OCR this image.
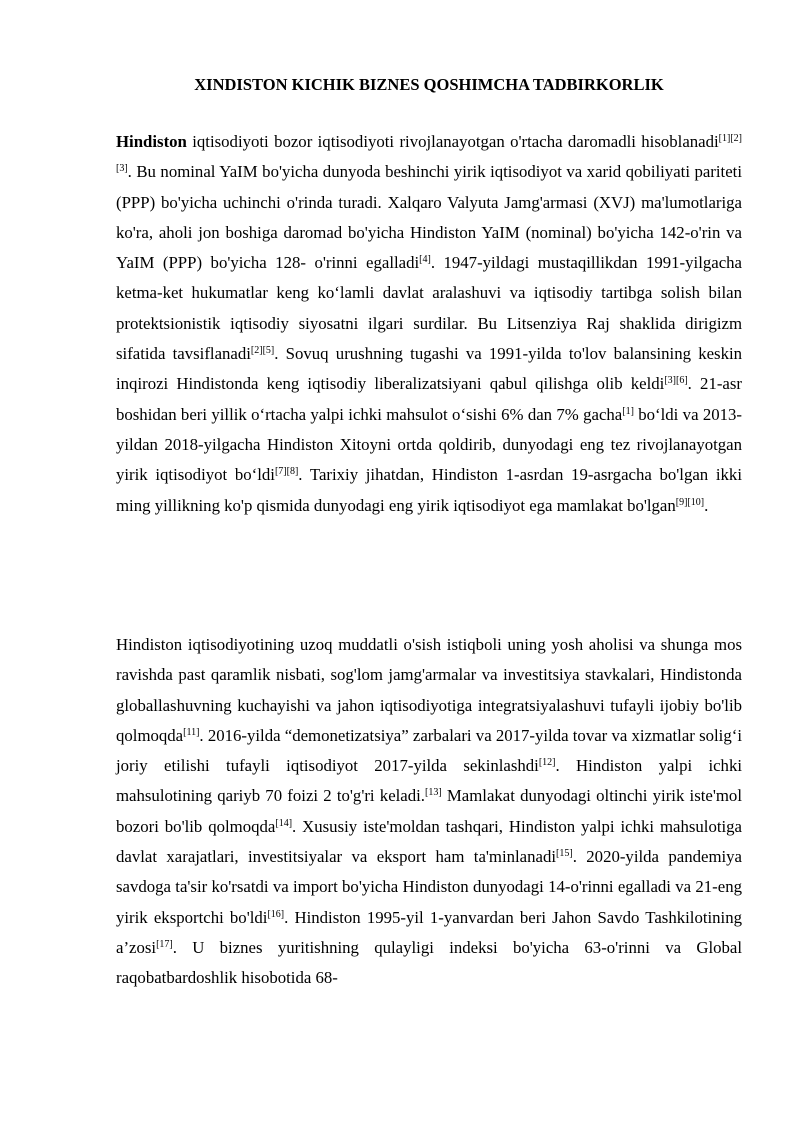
XINDISTON KICHIK BIZNES QOSHIMCHA TADBIRKORLIK

Hindiston iqtisodiyoti bozor iqtisodiyoti rivojlanayotgan o'rtacha daromadli hisoblanadi[1][2][3]. Bu nominal YaIM bo'yicha dunyoda beshinchi yirik iqtisodiyot va xarid qobiliyati pariteti (PPP) bo'yicha uchinchi o'rinda turadi. Xalqaro Valyuta Jamg'armasi (XVJ) ma'lumotlariga ko'ra, aholi jon boshiga daromad bo'yicha Hindiston YaIM (nominal) bo'yicha 142-o'rin va YaIM (PPP) bo'yicha 128- o'rinni egalladi[4]. 1947-yildagi mustaqillikdan 1991-yilgacha ketma-ket hukumatlar keng ko‘lamli davlat aralashuvi va iqtisodiy tartibga solish bilan protektsionistik iqtisodiy siyosatni ilgari surdilar. Bu Litsenziya Raj shaklida dirigizm sifatida tavsiflanadi[2][5]. Sovuq urushning tugashi va 1991-yilda to'lov balansining keskin inqirozi Hindistonda keng iqtisodiy liberalizatsiyani qabul qilishga olib keldi[3][6]. 21-asr boshidan beri yillik o‘rtacha yalpi ichki mahsulot o‘sishi 6% dan 7% gacha[1] bo‘ldi va 2013-yildan 2018-yilgacha Hindiston Xitoyni ortda qoldirib, dunyodagi eng tez rivojlanayotgan yirik iqtisodiyot bo‘ldi[7][8]. Tarixiy jihatdan, Hindiston 1-asrdan 19-asrgacha bo'lgan ikki ming yillikning ko'p qismida dunyodagi eng yirik iqtisodiyot ega mamlakat bo'lgan[9][10].

Hindiston iqtisodiyotining uzoq muddatli o'sish istiqboli uning yosh aholisi va shunga mos ravishda past qaramlik nisbati, sog'lom jamg'armalar va investitsiya stavkalari, Hindistonda globallashuvning kuchayishi va jahon iqtisodiyotiga integratsiyalashuvi tufayli ijobiy bo'lib qolmoqda[11]. 2016-yilda “demonetizatsiya” zarbalari va 2017-yilda tovar va xizmatlar solig‘i joriy etilishi tufayli iqtisodiyot 2017-yilda sekinlashdi[12]. Hindiston yalpi ichki mahsulotining qariyb 70 foizi 2 to'g'ri keladi.[13] Mamlakat dunyodagi oltinchi yirik iste'mol bozori bo'lib qolmoqda[14]. Xususiy iste'moldan tashqari, Hindiston yalpi ichki mahsulotiga davlat xarajatlari, investitsiyalar va eksport ham ta'minlanadi[15]. 2020-yilda pandemiya savdoga ta'sir ko'rsatdi va import bo'yicha Hindiston dunyodagi 14-o'rinni egalladi va 21-eng yirik eksportchi bo'ldi[16]. Hindiston 1995-yil 1-yanvardan beri Jahon Savdo Tashkilotining a’zosi[17]. U biznes yuritishning qulayligi indeksi bo'yicha 63-o'rinni va Global raqobatbardoshlik hisobotida 68-
